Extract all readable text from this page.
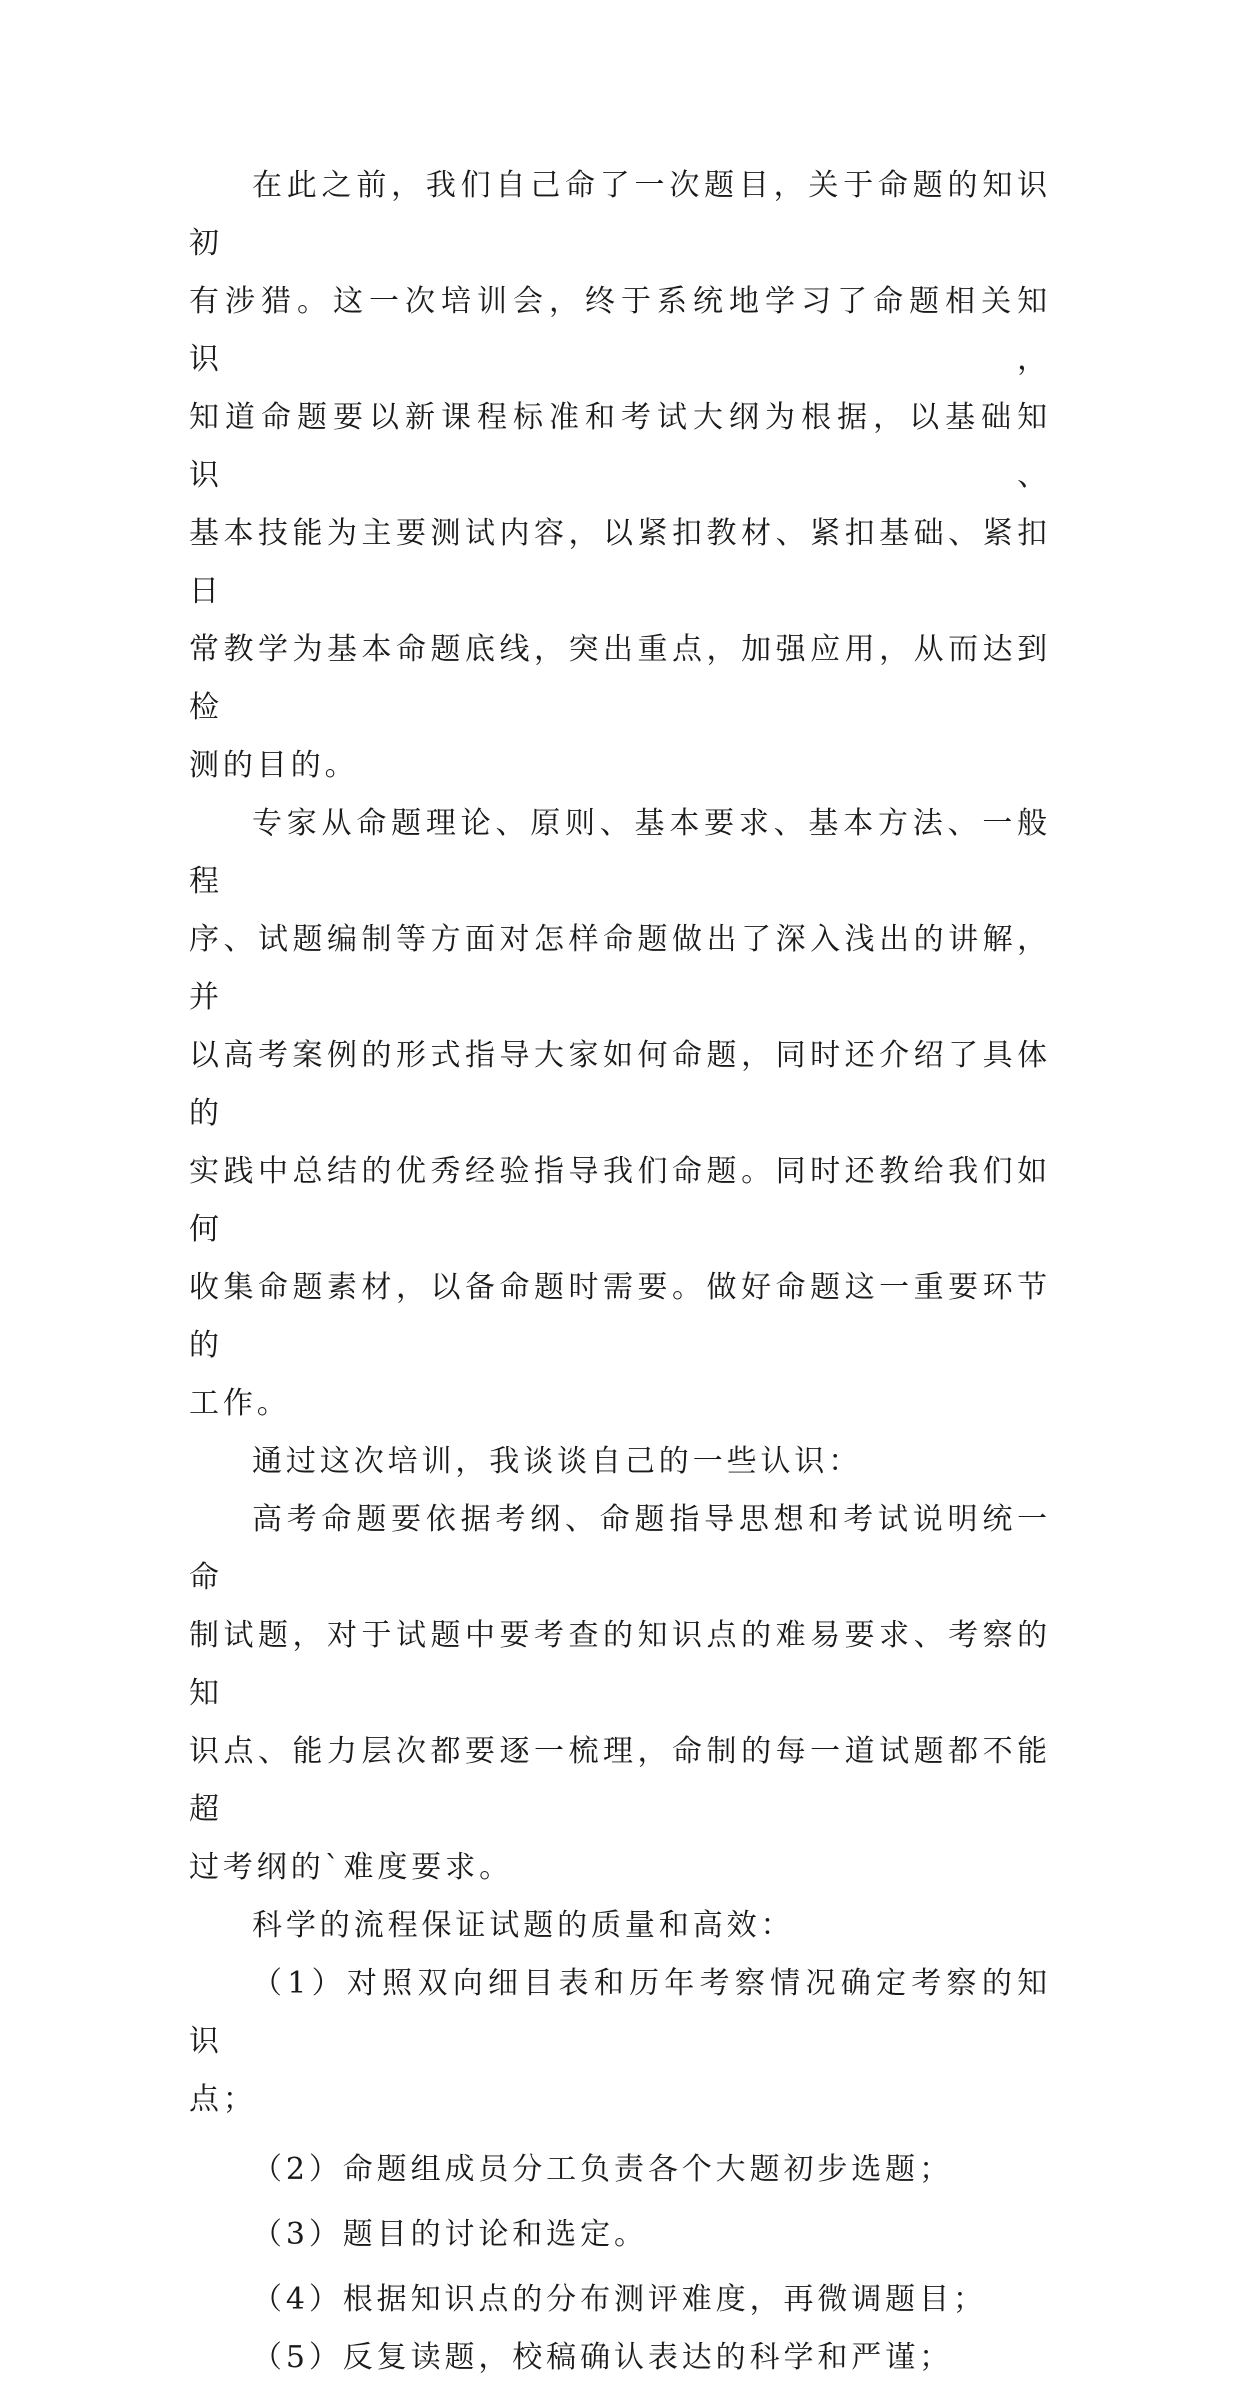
在此之前，我们自己命了一次题目，关于命题的知识初
有涉猎。这一次培训会，终于系统地学习了命题相关知识，
知道命题要以新课程标准和考试大纲为根据，以基础知识、
基本技能为主要测试内容，以紧扣教材、紧扣基础、紧扣日
常教学为基本命题底线，突出重点，加强应用，从而达到检
测的目的。
专家从命题理论、原则、基本要求、基本方法、一般程
序、试题编制等方面对怎样命题做出了深入浅出的讲解，并
以高考案例的形式指导大家如何命题，同时还介绍了具体的
实践中总结的优秀经验指导我们命题。同时还教给我们如何
收集命题素材，以备命题时需要。做好命题这一重要环节的
工作。
通过这次培训，我谈谈自己的一些认识：
高考命题要依据考纲、命题指导思想和考试说明统一命
制试题，对于试题中要考查的知识点的难易要求、考察的知
识点、能力层次都要逐一梳理，命制的每一道试题都不能超
过考纲的`难度要求。
科学的流程保证试题的质量和高效：
（1）对照双向细目表和历年考察情况确定考察的知识
点；
（2）命题组成员分工负责各个大题初步选题；
（3）题目的讨论和选定。
（4）根据知识点的分布测评难度，再微调题目；
（5）反复读题，校稿确认表达的科学和严谨；
